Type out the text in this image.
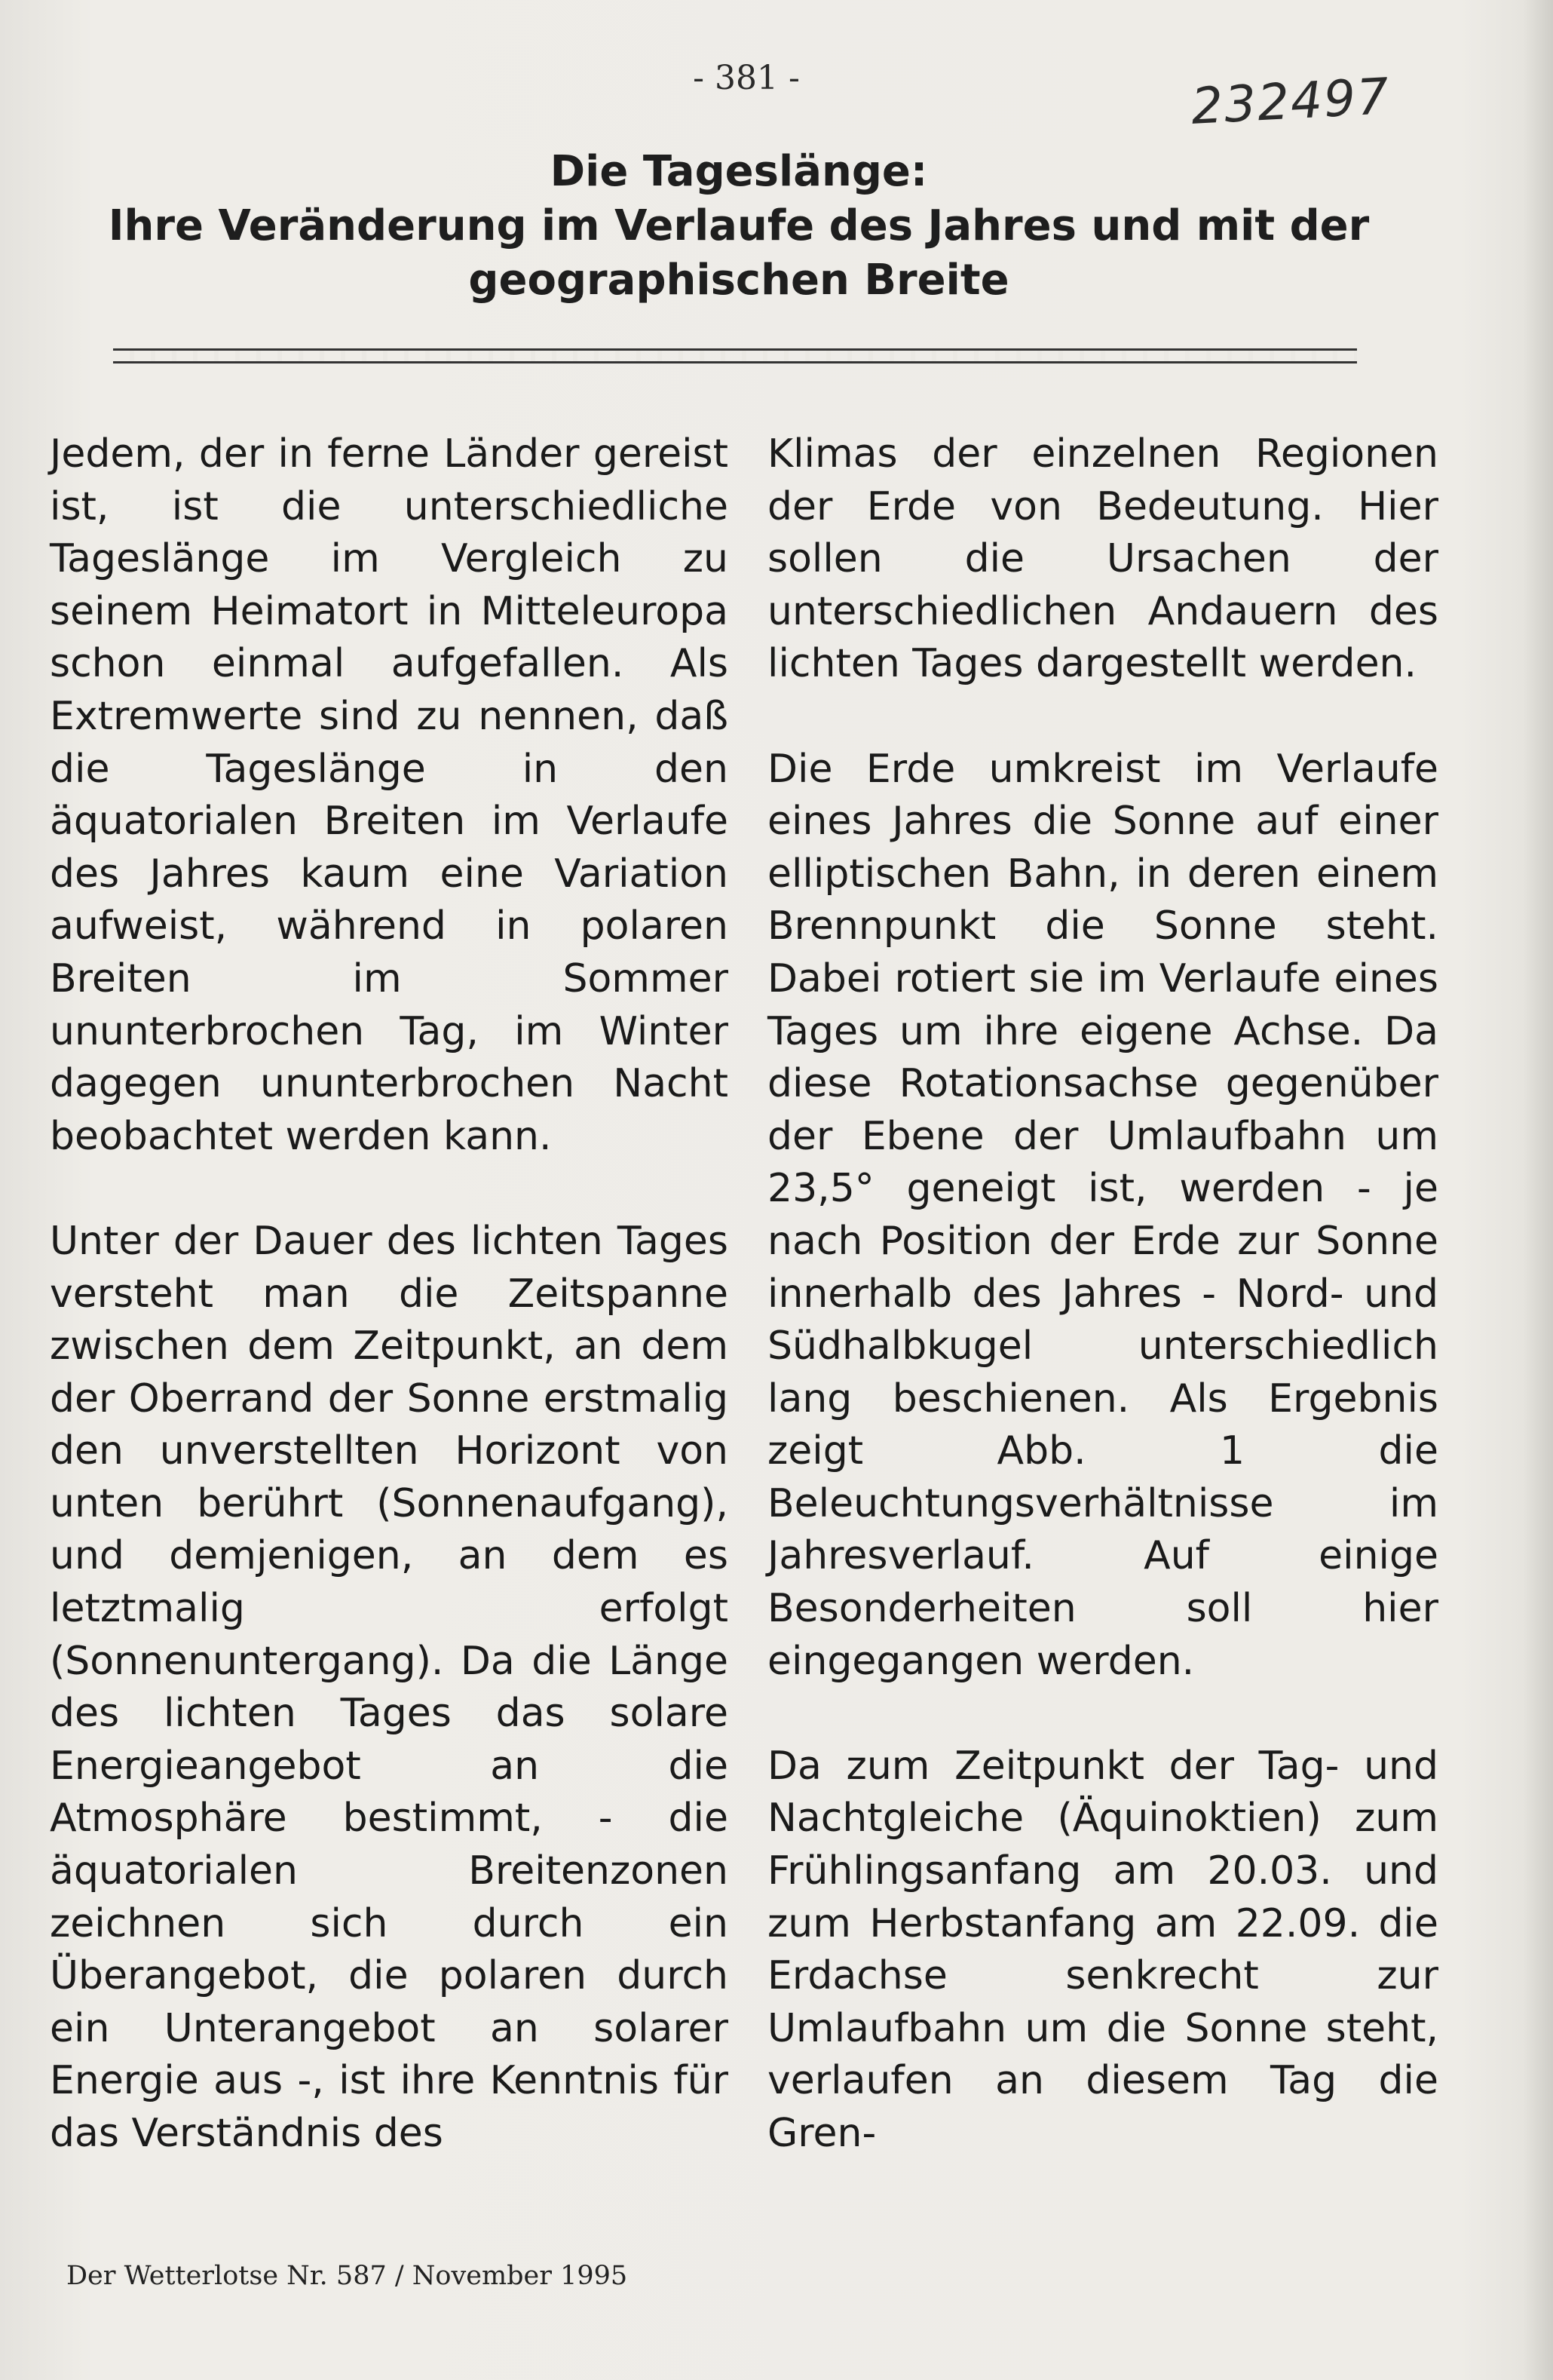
- 381 -	232497
Die Tageslänge:
Ihre Veränderung im Verlaufe des Jahres und mit der
geographischen Breite

Jedem, der in ferne Länder gereist ist, ist die unterschiedliche Tageslänge im Vergleich zu seinem Heimatort in Mitteleuropa schon einmal aufgefallen. Als Extremwerte sind zu nennen, daß die Tageslänge in den äquatorialen Breiten im Verlaufe des Jahres kaum eine Variation aufweist, während in polaren Breiten im Sommer ununterbrochen Tag, im Winter dagegen ununterbrochen Nacht beobachtet werden kann.

Unter der Dauer des lichten Tages versteht man die Zeitspanne zwischen dem Zeitpunkt, an dem der Oberrand der Sonne erstmalig den unverstellten Horizont von unten berührt (Sonnenaufgang), und demjenigen, an dem es letztmalig erfolgt (Sonnenuntergang). Da die Länge des lichten Tages das solare Energieangebot an die Atmosphäre bestimmt, - die äquatorialen Breitenzonen zeichnen sich durch ein Überangebot, die polaren durch ein Unterangebot an solarer Energie aus -, ist ihre Kenntnis für das Verständnis des

Klimas der einzelnen Regionen der Erde von Bedeutung. Hier sollen die Ursachen der unterschiedlichen Andauern des lichten Tages dargestellt werden.

Die Erde umkreist im Verlaufe eines Jahres die Sonne auf einer elliptischen Bahn, in deren einem Brennpunkt die Sonne steht. Dabei rotiert sie im Verlaufe eines Tages um ihre eigene Achse. Da diese Rotationsachse gegenüber der Ebene der Umlaufbahn um 23,5° geneigt ist, werden - je nach Position der Erde zur Sonne innerhalb des Jahres - Nord- und Südhalbkugel unterschiedlich lang beschienen. Als Ergebnis zeigt Abb. 1 die Beleuchtungsverhältnisse im Jahresverlauf. Auf einige Besonderheiten soll hier eingegangen werden.

Da zum Zeitpunkt der Tag- und Nachtgleiche (Äquinoktien) zum Frühlingsanfang am 20.03. und zum Herbstanfang am 22.09. die Erdachse senkrecht zur Umlaufbahn um die Sonne steht, verlaufen an diesem Tag die Gren-

Der Wetterlotse Nr. 587 / November 1995
